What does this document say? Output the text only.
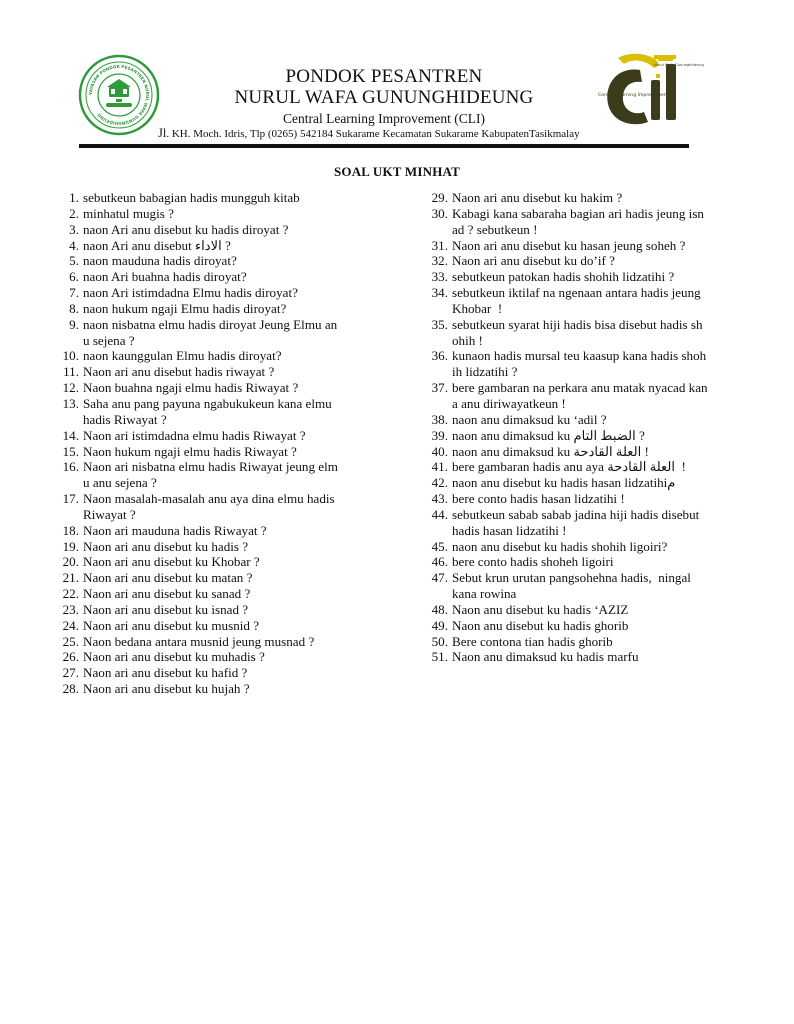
YAYASAN PONDOK PESANTREN NURUL WAFA GUNUNGHIDEUNG
Nurul Wafa Gununghideung
Central Learning Improvement
PONDOK PESANTREN
NURUL WAFA GUNUNGHIDEUNG
Central Learning Improvement (CLI)
Jl. KH. Moch. Idris, Tlp (0265) 542184 Sukarame Kecamatan Sukarame KabupatenTasikmalay
SOAL UKT MINHAT
1. sebutkeun babagian hadis mungguh kitab
2. minhatul mugis ?
3. naon Ari anu disebut ku hadis diroyat ?
4. naon Ari anu disebut الاداء ?
5. naon mauduna hadis diroyat?
6. naon Ari buahna hadis diroyat?
7. naon Ari istimdadna Elmu hadis diroyat?
8. naon hukum ngaji Elmu hadis diroyat?
9. naon nisbatna elmu hadis diroyat Jeung Elmu an
u sejena ?
10. naon kaunggulan Elmu hadis diroyat?
11. Naon ari anu disebut hadis riwayat ?
12. Naon buahna ngaji elmu hadis Riwayat ?
13. Saha anu pang payuna ngabukukeun kana elmu
hadis Riwayat ?
14. Naon ari istimdadna elmu hadis Riwayat ?
15. Naon hukum ngaji elmu hadis Riwayat ?
16. Naon ari nisbatna elmu hadis Riwayat jeung elm
u anu sejena ?
17. Naon masalah-masalah anu aya dina elmu hadis
Riwayat ?
18. Naon ari mauduna hadis Riwayat ?
19. Naon ari anu disebut ku hadis ?
20. Naon ari anu disebut ku Khobar ?
21. Naon ari anu disebut ku matan ?
22. Naon ari anu disebut ku sanad ?
23. Naon ari anu disebut ku isnad ?
24. Naon ari anu disebut ku musnid ?
25. Naon bedana antara musnid jeung musnad ?
26. Naon ari anu disebut ku muhadis ?
27. Naon ari anu disebut ku hafid ?
28. Naon ari anu disebut ku hujah ?
29. Naon ari anu disebut ku hakim ?
30. Kabagi kana sabaraha bagian ari hadis jeung isn
ad ? sebutkeun !
31. Naon ari anu disebut ku hasan jeung soheh ?
32. Naon ari anu disebut ku do’if ?
33. sebutkeun patokan hadis shohih lidzatihi ?
34. sebutkeun iktilaf na ngenaan antara hadis jeung
Khobar  !
35. sebutkeun syarat hiji hadis bisa disebut hadis sh
ohih !
36. kunaon hadis mursal teu kaasup kana hadis shoh
ih lidzatihi ?
37. bere gambaran na perkara anu matak nyacad kan
a anu diriwayatkeun !
38. naon anu dimaksud ku ‘adil ?
39. naon anu dimaksud ku الضبط التام ?
40. naon anu dimaksud ku العلة القادحة !
41. bere gambaran hadis anu aya العلة القادحة  !
42. naon anu disebut ku hadis hasan lidzatihiم
43. bere conto hadis hasan lidzatihi !
44. sebutkeun sabab sabab jadina hiji hadis disebut
hadis hasan lidzatihi !
45. naon anu disebut ku hadis shohih ligoiri?
46. bere conto hadis shoheh ligoiri
47. Sebut krun urutan pangsohehna hadis,  ningal
kana rowina
48. Naon anu disebut ku hadis ‘AZIZ
49. Naon anu disebut ku hadis ghorib
50. Bere contona tian hadis ghorib
51. Naon anu dimaksud ku hadis marfu
